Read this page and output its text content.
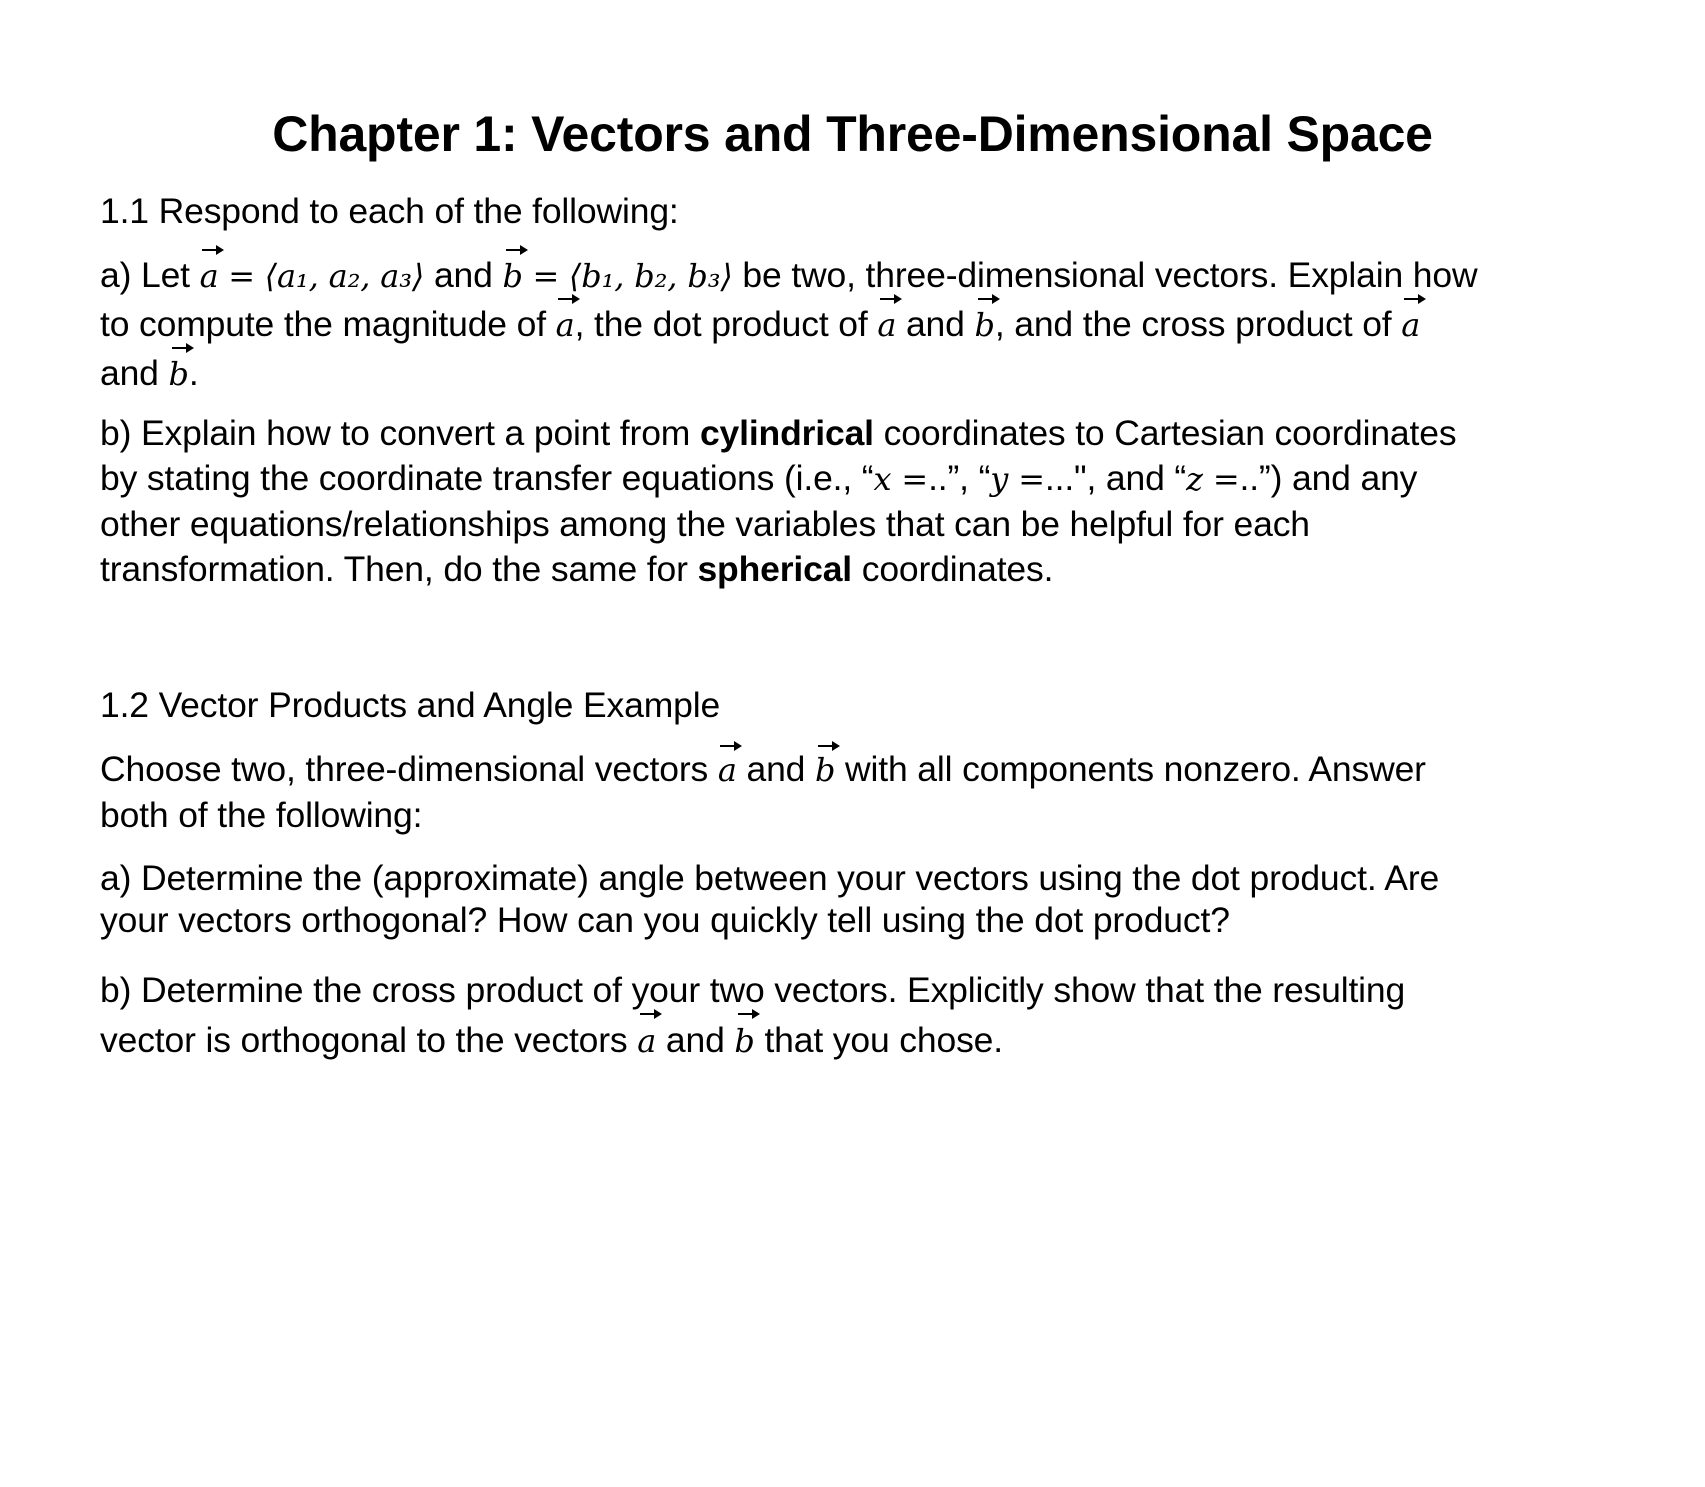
Chapter 1: Vectors and Three-Dimensional Space

1.1 Respond to each of the following:

a) Let a = ⟨a₁, a₂, a₃⟩ and b = ⟨b₁, b₂, b₃⟩ be two, three-dimensional vectors. Explain how
to compute the magnitude of a, the dot product of a and b, and the cross product of a
and b.

b) Explain how to convert a point from cylindrical coordinates to Cartesian coordinates
by stating the coordinate transfer equations (i.e., “x =..”, “y =...", and “z =..”) and any
other equations/relationships among the variables that can be helpful for each
transformation. Then, do the same for spherical coordinates.

1.2 Vector Products and Angle Example

Choose two, three-dimensional vectors a and b with all components nonzero. Answer
both of the following:

a) Determine the (approximate) angle between your vectors using the dot product. Are
your vectors orthogonal? How can you quickly tell using the dot product?

b) Determine the cross product of your two vectors. Explicitly show that the resulting
vector is orthogonal to the vectors a and b that you chose.
